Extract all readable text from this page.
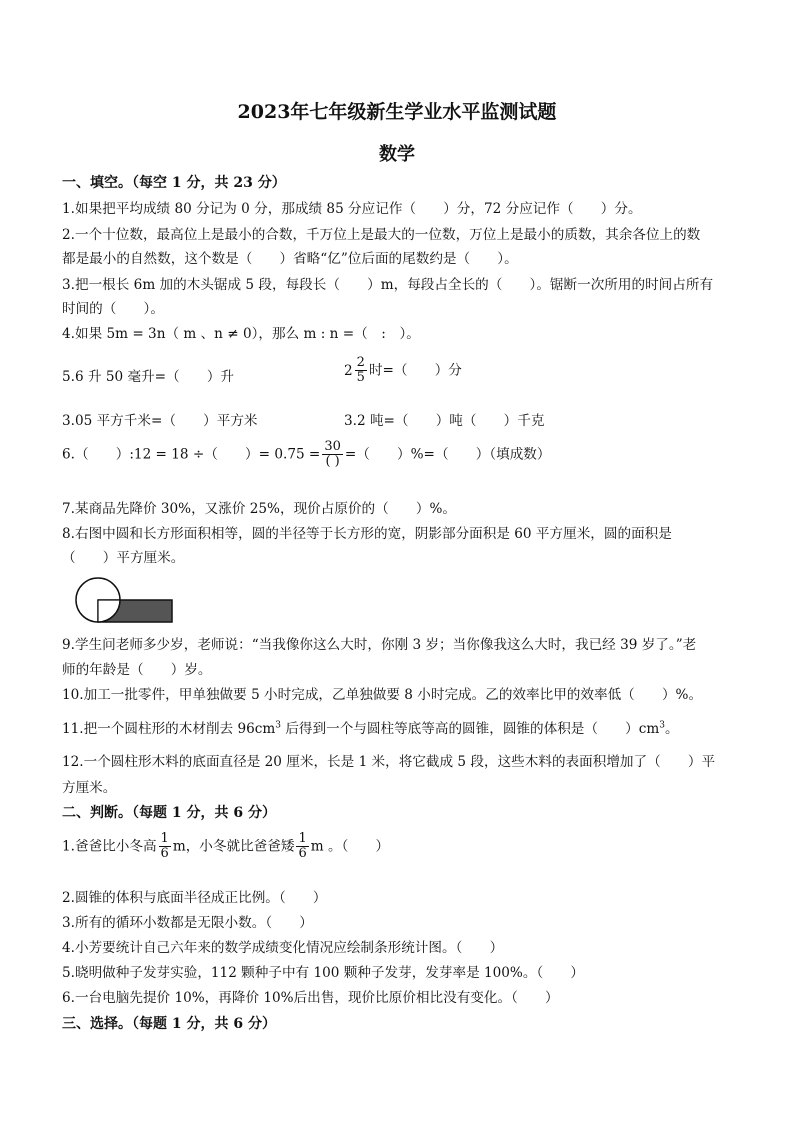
2023年七年级新生学业水平监测试题
数学
一、填空。（每空 1 分，共 23 分）
1.如果把平均成绩 80 分记为 0 分，那成绩 85 分应记作（　　）分，72 分应记作（　　）分。
2.一个十位数，最高位上是最小的合数，千万位上是最大的一位数，万位上是最小的质数，其余各位上的数
都是最小的自然数，这个数是（　　）省略“亿”位后面的尾数约是（　　）。
3.把一根长 6m 加的木头锯成 5 段，每段长（　　）m，每段占全长的（　　）。锯断一次所用的时间占所有
时间的（　　）。
4.如果 5m = 3n（ m 、n ≠ 0），那么 m : n =（　:　）。
5.6 升 50 毫升=（　　）升	$2 \frac{2}{5}$ 时=（　　）分
3.05 平方千米=（　　）平方米	3.2 吨=（　　）吨（　　）千克
6.（　　）:12 = 18 ÷（　　）= $0.75 = \frac{30}{( )}$ =（　　）%=（　　）（填成数）
7.某商品先降价 30%，又涨价 25%，现价占原价的（　　）%。
8.右图中圆和长方形面积相等，圆的半径等于长方形的宽，阴影部分面积是 60 平方厘米，圆的面积是
（　　）平方厘米。
9.学生问老师多少岁，老师说：“当我像你这么大时，你刚 3 岁；当你像我这么大时，我已经 39 岁了。”老
师的年龄是（　　）岁。
10.加工一批零件，甲单独做要 5 小时完成，乙单独做要 8 小时完成。乙的效率比甲的效率低（　　）%。
11.把一个圆柱形的木材削去 $96cm^3$ 后得到一个与圆柱等底等高的圆锥，圆锥的体积是（　　）$cm^3$。
12.一个圆柱形木料的底面直径是 20 厘米，长是 1 米，将它截成 5 段，这些木料的表面积增加了（　　）平
方厘米。
二、判断。（每题 1 分，共 6 分）
1.爸爸比小冬高 $\frac{1}{6}$ m，小冬就比爸爸矮 $\frac{1}{6}$ m 。（　　）
2.圆锥的体积与底面半径成正比例。（　　）
3.所有的循环小数都是无限小数。（　　）
4.小芳要统计自己六年来的数学成绩变化情况应绘制条形统计图。（　　）
5.晓明做种子发芽实验，112 颗种子中有 100 颗种子发芽，发芽率是 100%。（　　）
6.一台电脑先提价 10%，再降价 10%后出售，现价比原价相比没有变化。（　　）
三、选择。（每题 1 分，共 6 分）
